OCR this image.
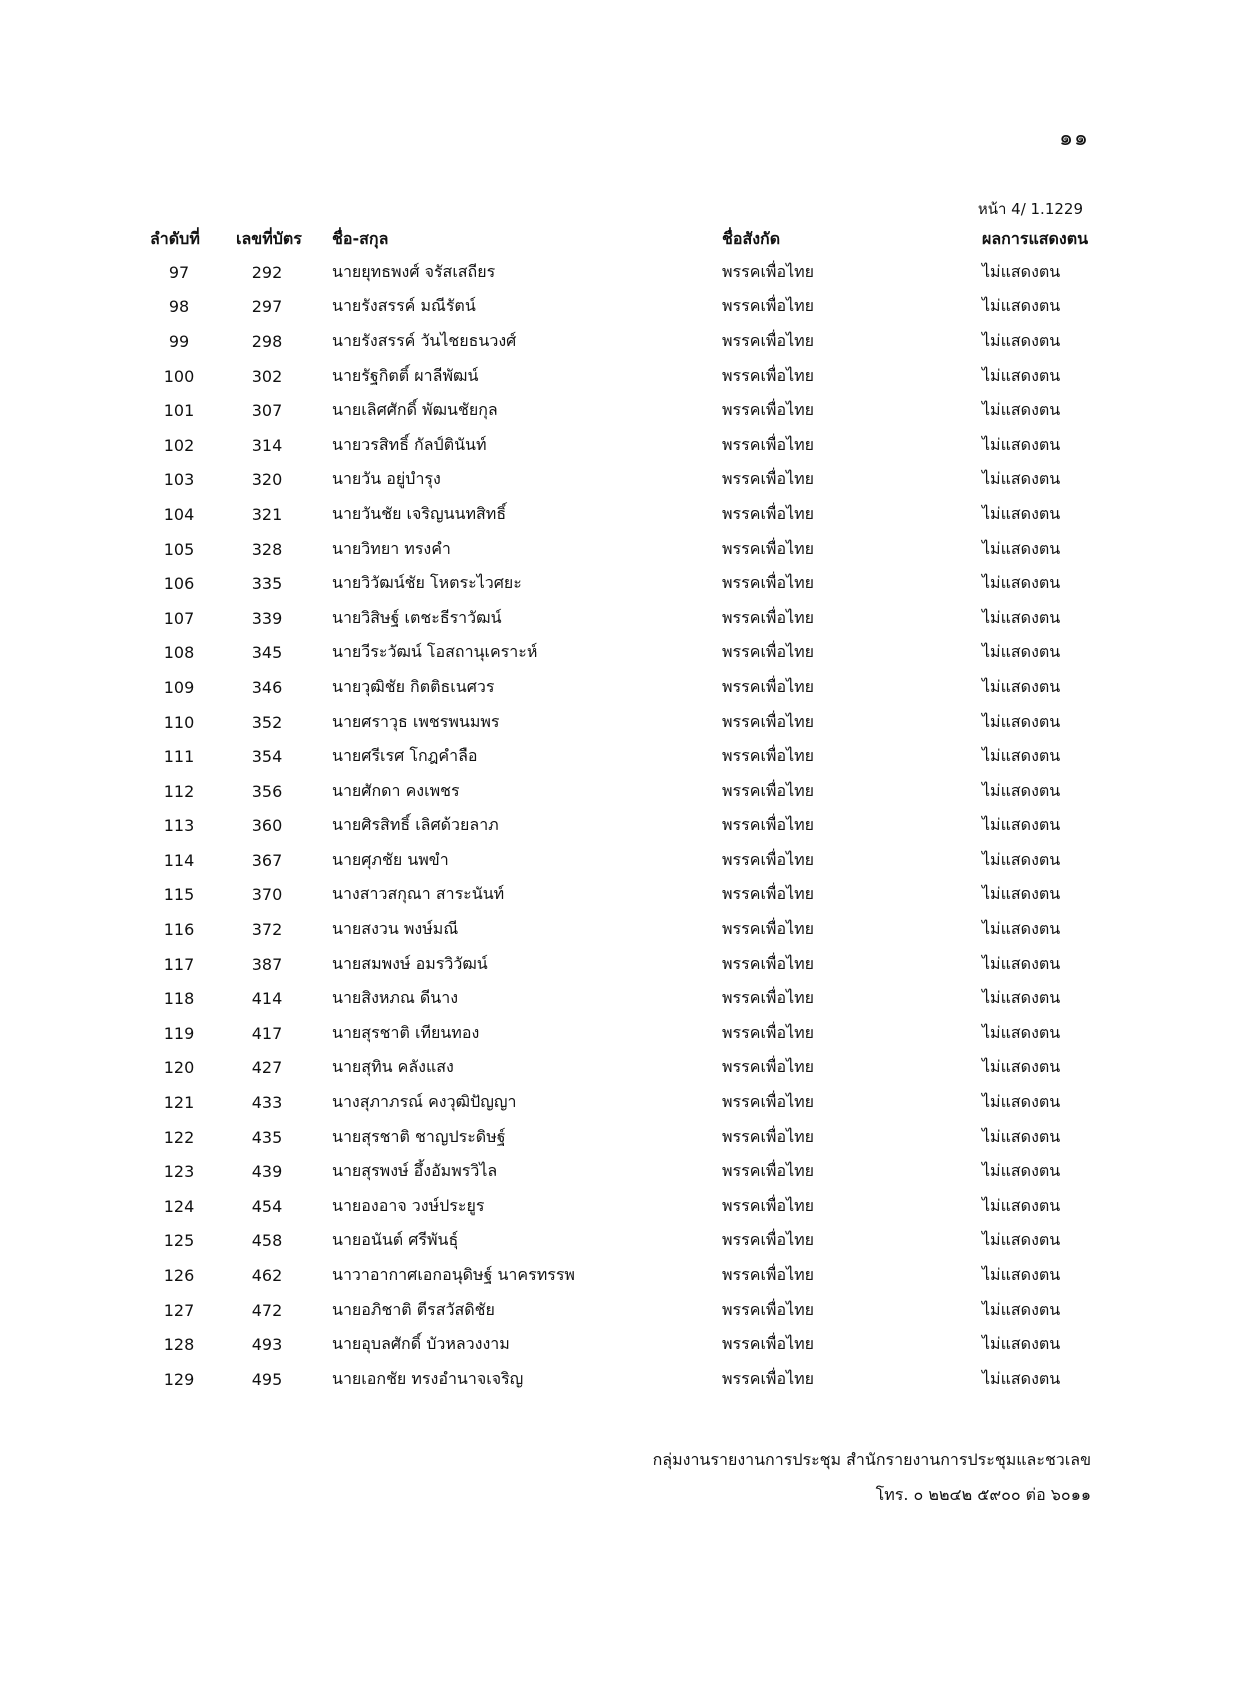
๑๑
หน้า 4/ 1.1229
ลำดับที่	เลขที่บัตร	ชื่อ-สกุล	ชื่อสังกัด	ผลการแสดงตน
97	292	นายยุทธพงศ์ จรัสเสถียร	พรรคเพื่อไทย	ไม่แสดงตน
98	297	นายรังสรรค์ มณีรัตน์	พรรคเพื่อไทย	ไม่แสดงตน
99	298	นายรังสรรค์ วันไชยธนวงศ์	พรรคเพื่อไทย	ไม่แสดงตน
100	302	นายรัฐกิตติ์ ผาลีพัฒน์	พรรคเพื่อไทย	ไม่แสดงตน
101	307	นายเลิศศักดิ์ พัฒนชัยกุล	พรรคเพื่อไทย	ไม่แสดงตน
102	314	นายวรสิทธิ์ กัลป์ตินันท์	พรรคเพื่อไทย	ไม่แสดงตน
103	320	นายวัน อยู่บำรุง	พรรคเพื่อไทย	ไม่แสดงตน
104	321	นายวันชัย เจริญนนทสิทธิ์	พรรคเพื่อไทย	ไม่แสดงตน
105	328	นายวิทยา ทรงคำ	พรรคเพื่อไทย	ไม่แสดงตน
106	335	นายวิวัฒน์ชัย โหตระไวศยะ	พรรคเพื่อไทย	ไม่แสดงตน
107	339	นายวิสิษฐ์ เตชะธีราวัฒน์	พรรคเพื่อไทย	ไม่แสดงตน
108	345	นายวีระวัฒน์ โอสถานุเคราะห์	พรรคเพื่อไทย	ไม่แสดงตน
109	346	นายวุฒิชัย กิตติธเนศวร	พรรคเพื่อไทย	ไม่แสดงตน
110	352	นายศราวุธ เพชรพนมพร	พรรคเพื่อไทย	ไม่แสดงตน
111	354	นายศรีเรศ โกฎคำลือ	พรรคเพื่อไทย	ไม่แสดงตน
112	356	นายศักดา คงเพชร	พรรคเพื่อไทย	ไม่แสดงตน
113	360	นายศิรสิทธิ์ เลิศด้วยลาภ	พรรคเพื่อไทย	ไม่แสดงตน
114	367	นายศุภชัย นพขำ	พรรคเพื่อไทย	ไม่แสดงตน
115	370	นางสาวสกุณา สาระนันท์	พรรคเพื่อไทย	ไม่แสดงตน
116	372	นายสงวน พงษ์มณี	พรรคเพื่อไทย	ไม่แสดงตน
117	387	นายสมพงษ์ อมรวิวัฒน์	พรรคเพื่อไทย	ไม่แสดงตน
118	414	นายสิงหภณ ดีนาง	พรรคเพื่อไทย	ไม่แสดงตน
119	417	นายสุรชาติ เทียนทอง	พรรคเพื่อไทย	ไม่แสดงตน
120	427	นายสุทิน คลังแสง	พรรคเพื่อไทย	ไม่แสดงตน
121	433	นางสุภาภรณ์ คงวุฒิปัญญา	พรรคเพื่อไทย	ไม่แสดงตน
122	435	นายสุรชาติ ชาญประดิษฐ์	พรรคเพื่อไทย	ไม่แสดงตน
123	439	นายสุรพงษ์ อึ้งอัมพรวิไล	พรรคเพื่อไทย	ไม่แสดงตน
124	454	นายองอาจ วงษ์ประยูร	พรรคเพื่อไทย	ไม่แสดงตน
125	458	นายอนันต์ ศรีพันธุ์	พรรคเพื่อไทย	ไม่แสดงตน
126	462	นาวาอากาศเอกอนุดิษฐ์ นาครทรรพ	พรรคเพื่อไทย	ไม่แสดงตน
127	472	นายอภิชาติ ตีรสวัสดิชัย	พรรคเพื่อไทย	ไม่แสดงตน
128	493	นายอุบลศักดิ์ บัวหลวงงาม	พรรคเพื่อไทย	ไม่แสดงตน
129	495	นายเอกชัย ทรงอำนาจเจริญ	พรรคเพื่อไทย	ไม่แสดงตน
กลุ่มงานรายงานการประชุม สำนักรายงานการประชุมและชวเลข
โทร. ๐ ๒๒๔๒ ๕๙๐๐ ต่อ ๖๐๑๑
